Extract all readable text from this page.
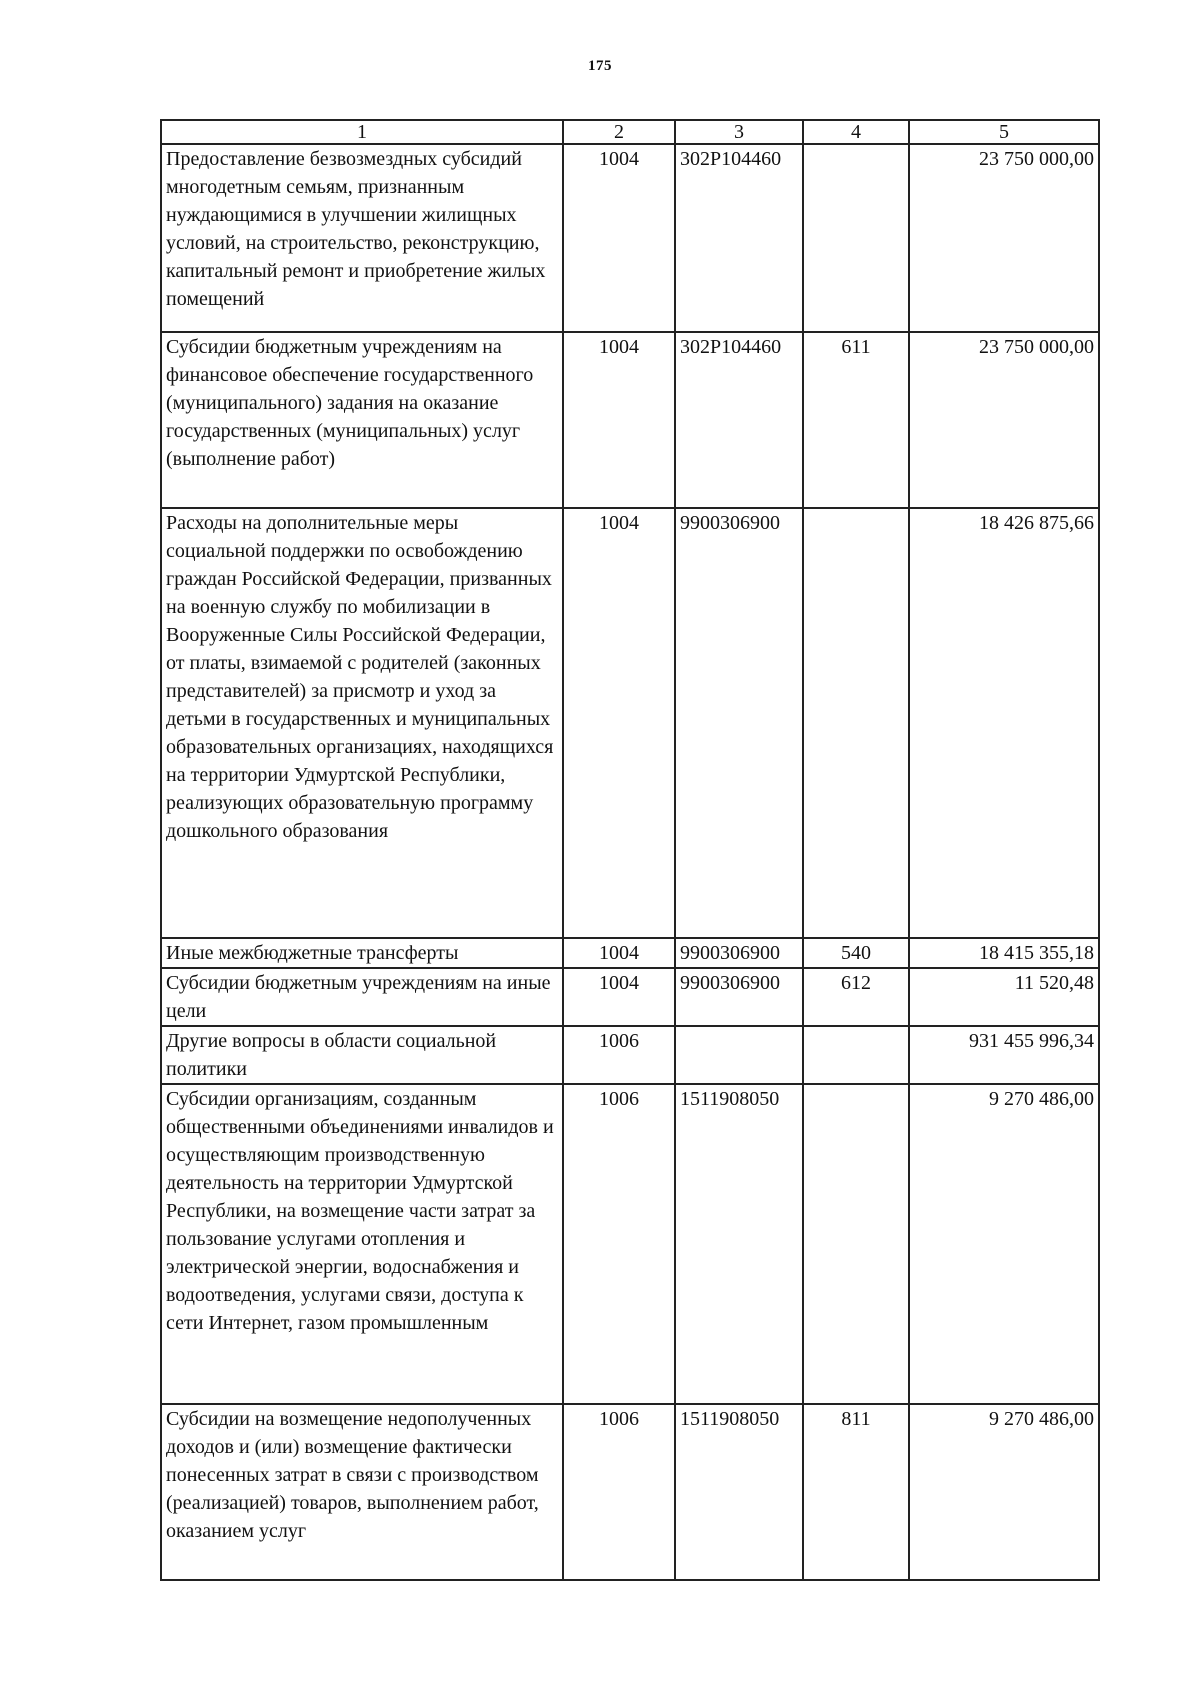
175
1	2	3	4	5
Предоставление безвозмездных субсидий многодетным семьям, признанным нуждающимися в улучшении жилищных условий, на строительство, реконструкцию, капитальный ремонт и приобретение жилых помещений	1004	302Р104460		23 750 000,00
Субсидии бюджетным учреждениям на финансовое обеспечение государственного (муниципального) задания на оказание государственных (муниципальных) услуг (выполнение работ)	1004	302Р104460	611	23 750 000,00
Расходы на дополнительные меры социальной поддержки по освобождению граждан Российской Федерации, призванных на военную службу по мобилизации в Вооруженные Силы Российской Федерации, от платы, взимаемой с родителей (законных представителей) за присмотр и уход за детьми в государственных и муниципальных образовательных организациях, находящихся на территории Удмуртской Республики, реализующих образовательную программу дошкольного образования	1004	9900306900		18 426 875,66
Иные межбюджетные трансферты	1004	9900306900	540	18 415 355,18
Субсидии бюджетным учреждениям на иные цели	1004	9900306900	612	11 520,48
Другие вопросы в области социальной политики	1006			931 455 996,34
Субсидии организациям, созданным общественными объединениями инвалидов и осуществляющим производственную деятельность на территории Удмуртской Республики, на возмещение части затрат за пользование услугами отопления и электрической энергии, водоснабжения и водоотведения, услугами связи, доступа к сети Интернет, газом промышленным	1006	1511908050		9 270 486,00
Субсидии на возмещение недополученных доходов и (или) возмещение фактически понесенных затрат в связи с производством (реализацией) товаров, выполнением работ, оказанием услуг	1006	1511908050	811	9 270 486,00
